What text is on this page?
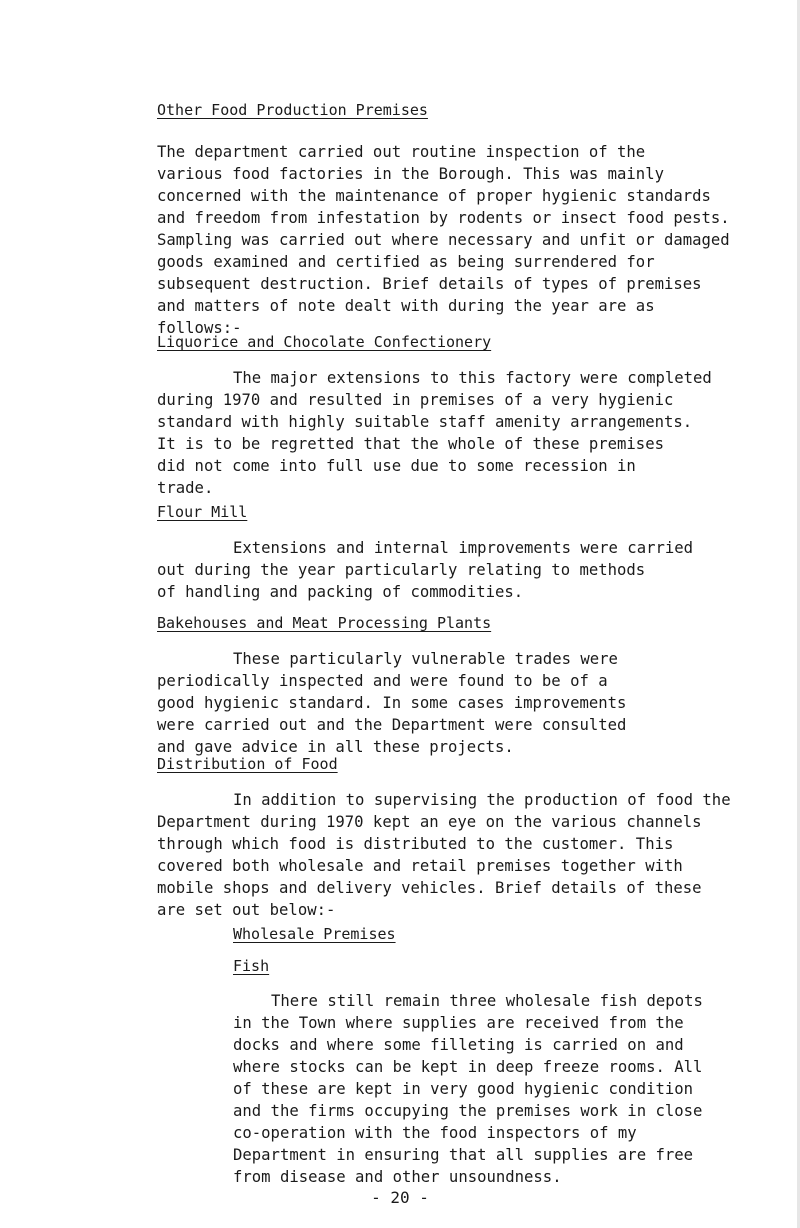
Other Food Production Premises
The department carried out routine inspection of the
various food factories in the Borough. This was mainly
concerned with the maintenance of proper hygienic standards
and freedom from infestation by rodents or insect food pests.
Sampling was carried out where necessary and unfit or damaged
goods examined and certified as being surrendered for
subsequent destruction. Brief details of types of premises
and matters of note dealt with during the year are as
follows:-
Liquorice and Chocolate Confectionery
The major extensions to this factory were completed
during 1970 and resulted in premises of a very hygienic
standard with highly suitable staff amenity arrangements.
It is to be regretted that the whole of these premises
did not come into full use due to some recession in
trade.
Flour Mill
Extensions and internal improvements were carried
out during the year particularly relating to methods
of handling and packing of commodities.
Bakehouses and Meat Processing Plants
These particularly vulnerable trades were
periodically inspected and were found to be of a
good hygienic standard. In some cases improvements
were carried out and the Department were consulted
and gave advice in all these projects.
Distribution of Food
In addition to supervising the production of food the
Department during 1970 kept an eye on the various channels
through which food is distributed to the customer. This
covered both wholesale and retail premises together with
mobile shops and delivery vehicles. Brief details of these
are set out below:-
Wholesale Premises
Fish
There still remain three wholesale fish depots
in the Town where supplies are received from the
docks and where some filleting is carried on and
where stocks can be kept in deep freeze rooms. All
of these are kept in very good hygienic condition
and the firms occupying the premises work in close
co-operation with the food inspectors of my
Department in ensuring that all supplies are free
from disease and other unsoundness.
- 20 -
